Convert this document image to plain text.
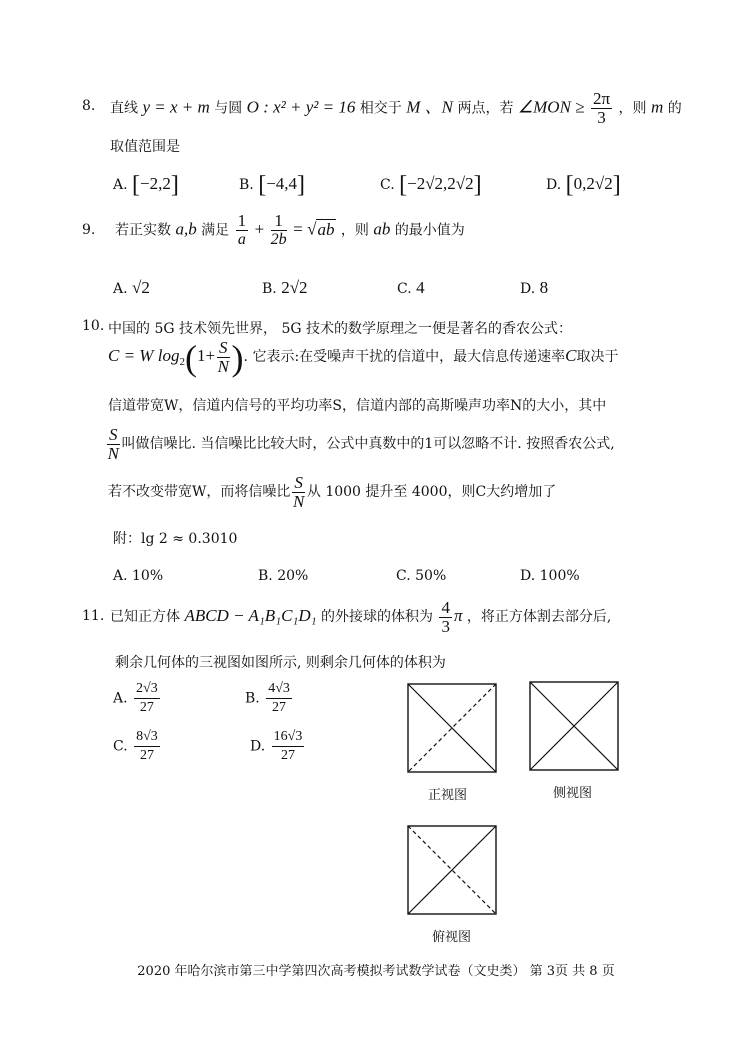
8. 直线 y = x + m 与圆 O : x² + y² = 16 相交于 M 、N 两点，若 ∠MON ≥ $\frac{2\pi}{3}$ ，则 m 的
取值范围是
A. [−2,2]	B. [−4,4]	C. [−2√2,2√2]	D. [0,2√2]
9. 若正实数 a,b 满足 $\frac{1}{a} + \frac{1}{2b} = √ab$ ，则 ab 的最小值为
A. √2	B. 2√2	C. 4	D. 8
10. 中国的 5G 技术领先世界， 5G 技术的数学原理之一便是著名的香农公式：
C = W $\log_2(1+ \frac{S}{N}$ ). 它表示:在受噪声干扰的信道中，最大信息传递速率C取决于
信道带宽W，信道内信号的平均功率S，信道内部的高斯噪声功率N的大小，其中
$\frac{S}{N}$ 叫做信噪比. 当信噪比比较大时，公式中真数中的1可以忽略不计. 按照香农公式,
若不改变带宽W，而将信噪比 $\frac{S}{N}$ 从 1000 提升至 4000，则C大约增加了
附：lg 2 ≈ 0.3010
A. 10%	B. 20%	C. 50%	D. 100%
11. 已知正方体 ABCD − A₁B₁C₁D₁ 的外接球的体积为 $\frac{4}{3}$ π ，将正方体割去部分后,
剩余几何体的三视图如图所示, 则剩余几何体的体积为
A. $\frac{2√3}{27}$	B. $\frac{4√3}{27}$
C. $\frac{8√3}{27}$	D. $\frac{16√3}{27}$
正视图	侧视图
俯视图
2020 年哈尔滨市第三中学第四次高考模拟考试数学试卷（文史类） 第 3页 共 8 页
